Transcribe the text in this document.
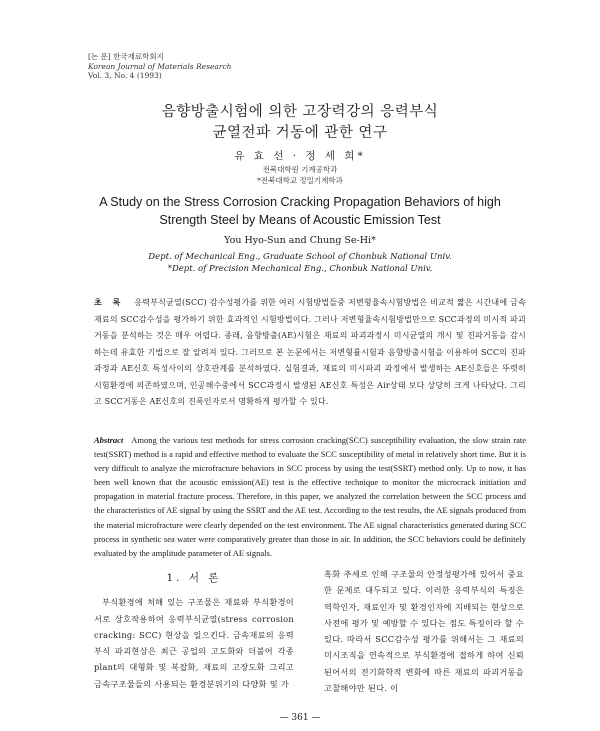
[논 문] 한국재료학회지
Korean Journal of Materials Research
Vol. 3, No. 4 (1993)
음향방출시험에 의한 고장력강의 응력부식
균열전파 거동에 관한 연구
유 효 선 · 정 세 희*
전북대학원 기계공학과
*전북대학교 정밀기계학과
A Study on the Stress Corrosion Cracking Propagation Behaviors of high
Strength Steel by Means of Acoustic Emission Test
You Hyo-Sun and Chung Se-Hi*
Dept. of Mechanical Eng., Graduate School of Chonbuk National Univ.
*Dept. of Precision Mechanical Eng., Chonbuk National Univ.
초 록 응력부식균열(SCC) 감수성평가를 위한 여러 시험방법들중 저변형율속시험방법은 비교적 짧은 시간내에 금속재료의 SCC감수성을 평가하기 위한 효과적인 시험방법이다. 그러나 저변형율속시험방법만으로 SCC과정의 미시적 파괴거동을 분석하는 것은 매우 어렵다. 종래, 음향방출(AE)시험은 재료의 파괴과정시 미시균열의 개시 및 진파거동을 감시하는데 유효한 기법으로 잘 알려져 있다. 그러므로 본 논문에서는 저변형률시험과 음향방출시험을 이용하여 SCC의 진파과정과 AE신호 특성사이의 상호관계를 분석하였다. 실험결과, 재료의 미시파괴 과정에서 발생하는 AE신호들은 뚜렷히 시험환경에 의존하였으며, 인공해수중에서 SCC과정시 발생된 AE신호 특성은 Air상태 보다 상당히 크게 나타났다. 그리고 SCC거동은 AE신호의 진폭인자로서 명확하게 평가할 수 있다.
Abstract Among the various test methods for stress corrosion cracking(SCC) susceptibility evaluation, the slow strain rate test(SSRT) method is a rapid and effective method to evaluate the SCC susceptibility of metal in relatively short time. But it is very difficult to analyze the microfracture behaviors in SCC process by using the test(SSRT) method only. Up to now, it has been well known that the acoustic emission(AE) test is the effective technique to monitor the microcrack initiation and propagation in material fracture process. Therefore, in this paper, we analyzed the correlation between the SCC process and the characteristics of AE signal by using the SSRT and the AE test. According to the test results, the AE signals produced from the material microfracture were clearly depended on the test environment. The AE signal characteristics generated during SCC process in synthetic sea water were comparatively greater than those in air. In addition, the SCC behaviors could be definitely evaluated by the amplitude parameter of AE signals.
1. 서 론
부식환경에 처해 있는 구조물은 재료와 부식환경이 서로 상호작용하여 응력부식균열(stress corrosion cracking: SCC) 현상을 일으킨다. 금속재료의 응력부식 파괴현상은 최근 공업의 고도화와 더불어 각종 plant의 대형화 및 복잡화, 재료의 고장도화 그리고 금속구조물들의 사용되는 환경분위기의 다양화 및 가
혹화 추세로 인해 구조물의 안정성평가에 있어서 중요한 문제로 대두되고 있다. 이러한 응력부식의 특징은 역학인자, 재료인자 및 환경인자에 지배되는 현상으로 사전에 평가 및 예방할 수 있다는 점도 특징이라 할 수 있다. 따라서 SCC감수성 평가를 위해서는 그 재료의 미시조직을 연속적으로 부식환경에 접하게 하여 신뢰된어서의 전기화학적 변화에 따른 재료의 파괴거동을 고찰해야만 된다. 이
— 361 —
